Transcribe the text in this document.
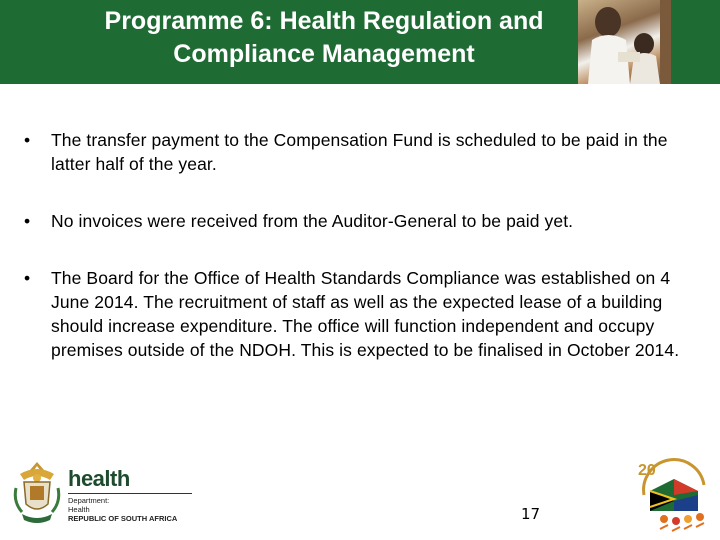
Programme 6: Health Regulation and
Compliance Management
• The transfer payment to the Compensation Fund is scheduled to be paid in the latter half of the year.
• No invoices were received from the Auditor-General to be paid yet.
• The Board for the Office of Health Standards Compliance was established on 4 June 2014. The recruitment of staff as well as the expected lease of a building should increase expenditure. The office will function independent and occupy premises outside of the NDOH. This is expected to be finalised in October 2014.
health
Department:
Health
REPUBLIC OF SOUTH AFRICA	17
20
